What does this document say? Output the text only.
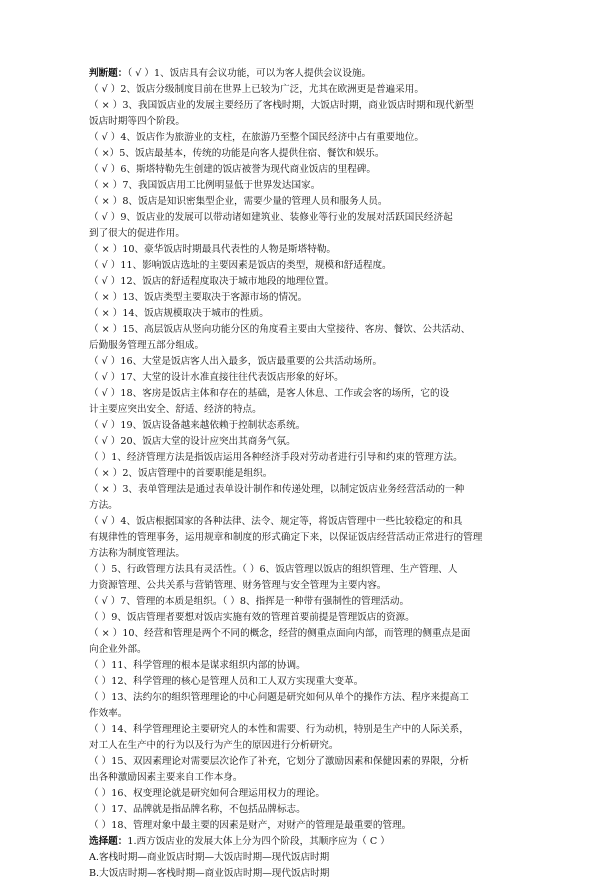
判断题：（ √ ）1、饭店具有会议功能，可以为客人提供会议设施。
（ √ ）2、饭店分级制度目前在世界上已较为广泛，尤其在欧洲更是普遍采用。
（ × ）3、我国饭店业的发展主要经历了客栈时期，大饭店时期，商业饭店时期和现代新型
饭店时期等四个阶段。
（ √ ）4、饭店作为旅游业的支柱，在旅游乃至整个国民经济中占有重要地位。
（ ×）5、饭店最基本，传统的功能是向客人提供住宿、餐饮和娱乐。
（ √ ）6、斯塔特勒先生创建的饭店被誉为现代商业饭店的里程碑。
（ × ）7、我国饭店用工比例明显低于世界发达国家。
（ × ）8、饭店是知识密集型企业，需要少量的管理人员和服务人员。
（ √ ）9、饭店业的发展可以带动诸如建筑业、装修业等行业的发展对活跃国民经济起
到了很大的促进作用。
（ × ）10、豪华饭店时期最具代表性的人物是斯塔特勒。
（ √ ）11、影响饭店选址的主要因素是饭店的类型，规模和舒适程度。
（ √ ）12、饭店的舒适程度取决于城市地段的地理位置。
（ × ）13、饭店类型主要取决于客源市场的情况。
（ × ）14、饭店规模取决于城市的性质。
（ × ）15、高层饭店从竖向功能分区的角度看主要由大堂接待、客房、餐饮、公共活动、
后勤服务管理五部分组成。
（ √ ）16、大堂是饭店客人出入最多，饭店最重要的公共活动场所。
（ √ ）17、大堂的设计水准直接往往代表饭店形象的好坏。
（ √ ）18、客房是饭店主体和存在的基础，是客人休息、工作或会客的场所，它的设
计主要应突出安全、舒适、经济的特点。
（ √ ）19、饭店设备越来越依赖于控制状态系统。
（ √ ）20、饭店大堂的设计应突出其商务气氛。
（ ）1、经济管理方法是指饭店运用各种经济手段对劳动者进行引导和约束的管理方法。
（ × ）2、饭店管理中的首要职能是组织。
（ × ）3、表单管理法是通过表单设计制作和传递处理，以制定饭店业务经营活动的一种
方法。
（ √ ）4、饭店根据国家的各种法律、法令、规定等，将饭店管理中一些比较稳定的和具
有规律性的管理事务，运用规章和制度的形式确定下来，以保证饭店经营活动正常进行的管理
方法称为制度管理法。
（ ）5、行政管理方法具有灵活性。（ ）6、饭店管理以饭店的组织管理、生产管理、人
力资源管理、公共关系与营销管理、财务管理与安全管理为主要内容。
（ √ ）7、管理的本质是组织。（ ）8、指挥是一种带有强制性的管理活动。
（ ）9、饭店管理者要想对饭店实施有效的管理首要前提是管理饭店的资源。
（ × ）10、经营和管理是两个不同的概念，经营的侧重点面向内部，而管理的侧重点是面
向企业外部。
（ ）11、科学管理的根本是谋求组织内部的协调。
（ ）12、科学管理的核心是管理人员和工人双方实现重大变革。
（ ）13、法约尔的组织管理理论的中心问题是研究如何从单个的操作方法、程序来提高工
作效率。
（ ）14、科学管理理论主要研究人的本性和需要、行为动机，特别是生产中的人际关系，
对工人在生产中的行为以及行为产生的原因进行分析研究。
（ ）15、双因素理论对需要层次论作了补充，它划分了激励因素和保健因素的界限，分析
出各种激励因素主要来自工作本身。
（ ）16、权变理论就是研究如何合理运用权力的理论。
（ ）17、品牌就是指品牌名称，不包括品牌标志。
（ ）18、管理对象中最主要的因素是财产，对财产的管理是最重要的管理。
选择题：1.西方饭店业的发展大体上分为四个阶段，其顺序应为（ C ）
A.客栈时期—商业饭店时期—大饭店时期—现代饭店时期
B.大饭店时期—客栈时期—商业饭店时期—现代饭店时期
